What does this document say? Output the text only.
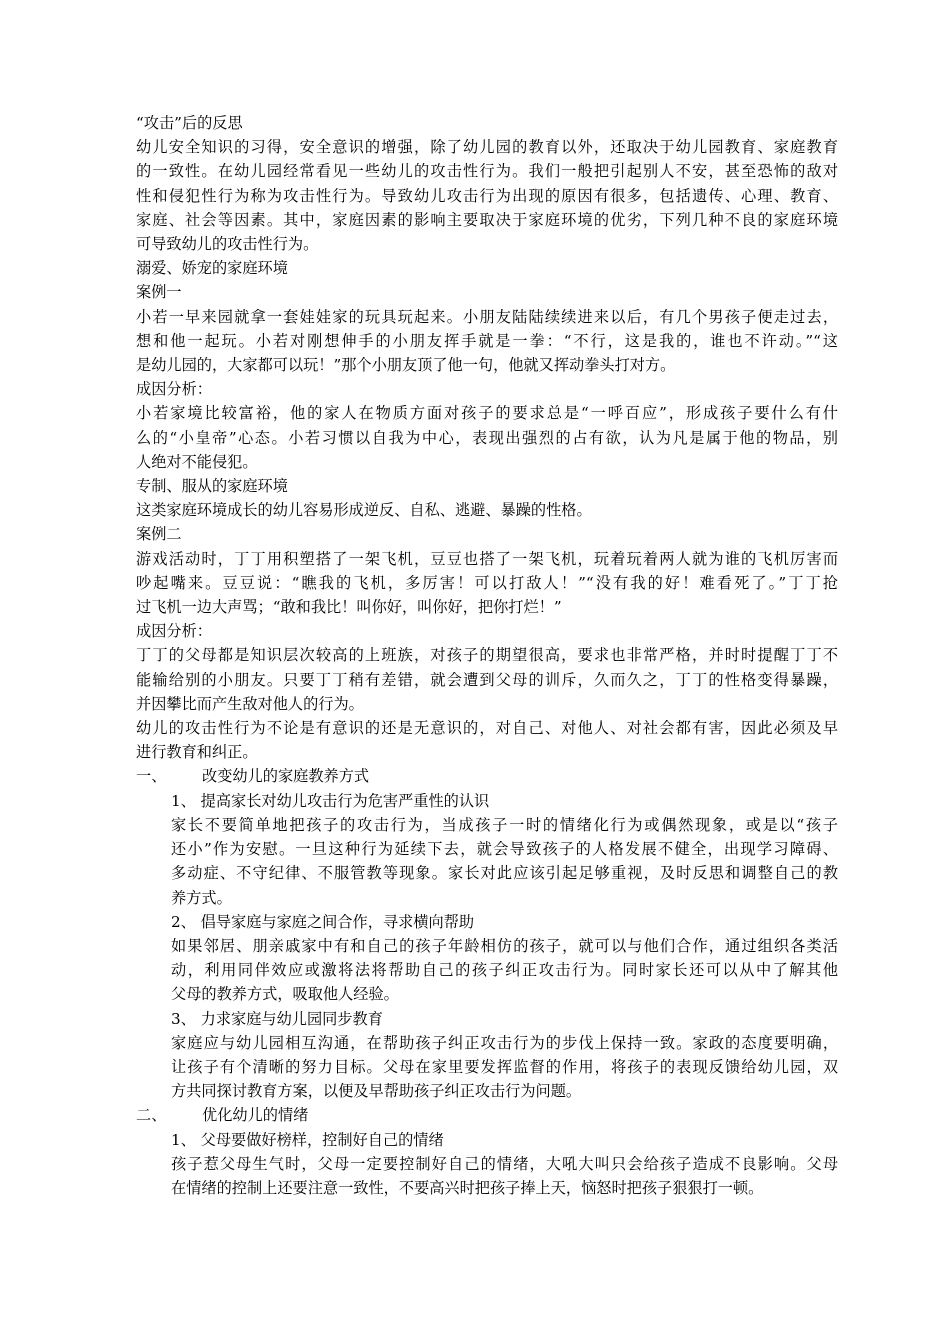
“攻击”后的反思
幼儿安全知识的习得，安全意识的增强，除了幼儿园的教育以外，还取决于幼儿园教育、家庭教育
的一致性。在幼儿园经常看见一些幼儿的攻击性行为。我们一般把引起别人不安，甚至恐怖的敌对
性和侵犯性行为称为攻击性行为。导致幼儿攻击行为出现的原因有很多，包括遗传、心理、教育、
家庭、社会等因素。其中，家庭因素的影响主要取决于家庭环境的优劣，下列几种不良的家庭环境
可导致幼儿的攻击性行为。
溺爱、娇宠的家庭环境
案例一
小若一早来园就拿一套娃娃家的玩具玩起来。小朋友陆陆续续进来以后，有几个男孩子便走过去，
想和他一起玩。小若对刚想伸手的小朋友挥手就是一拳：“不行，这是我的，谁也不许动。”“这
是幼儿园的，大家都可以玩！”那个小朋友顶了他一句，他就又挥动拳头打对方。
成因分析：
小若家境比较富裕，他的家人在物质方面对孩子的要求总是“一呼百应”，形成孩子要什么有什
么的“小皇帝”心态。小若习惯以自我为中心，表现出强烈的占有欲，认为凡是属于他的物品，别
人绝对不能侵犯。
专制、服从的家庭环境
这类家庭环境成长的幼儿容易形成逆反、自私、逃避、暴躁的性格。
案例二
游戏活动时，丁丁用积塑搭了一架飞机，豆豆也搭了一架飞机，玩着玩着两人就为谁的飞机厉害而
吵起嘴来。豆豆说：“瞧我的飞机，多厉害！可以打敌人！”“没有我的好！难看死了。”丁丁抢
过飞机一边大声骂；“敢和我比！叫你好，叫你好，把你打烂！”
成因分析：
丁丁的父母都是知识层次较高的上班族，对孩子的期望很高，要求也非常严格，并时时提醒丁丁不
能输给别的小朋友。只要丁丁稍有差错，就会遭到父母的训斥，久而久之，丁丁的性格变得暴躁，
并因攀比而产生敌对他人的行为。
幼儿的攻击性行为不论是有意识的还是无意识的，对自己、对他人、对社会都有害，因此必须及早
进行教育和纠正。
一、 改变幼儿的家庭教养方式
1、 提高家长对幼儿攻击行为危害严重性的认识
家长不要简单地把孩子的攻击行为，当成孩子一时的情绪化行为或偶然现象，或是以“孩子
还小”作为安慰。一旦这种行为延续下去，就会导致孩子的人格发展不健全，出现学习障碍、
多动症、不守纪律、不服管教等现象。家长对此应该引起足够重视，及时反思和调整自己的教
养方式。
2、 倡导家庭与家庭之间合作，寻求横向帮助
如果邻居、朋亲戚家中有和自己的孩子年龄相仿的孩子，就可以与他们合作，通过组织各类活
动，利用同伴效应或激将法将帮助自己的孩子纠正攻击行为。同时家长还可以从中了解其他
父母的教养方式，吸取他人经验。
3、 力求家庭与幼儿园同步教育
家庭应与幼儿园相互沟通，在帮助孩子纠正攻击行为的步伐上保持一致。家政的态度要明确，
让孩子有个清晰的努力目标。父母在家里要发挥监督的作用，将孩子的表现反馈给幼儿园，双
方共同探讨教育方案，以便及早帮助孩子纠正攻击行为问题。
二、 优化幼儿的情绪
1、 父母要做好榜样，控制好自己的情绪
孩子惹父母生气时，父母一定要控制好自己的情绪，大吼大叫只会给孩子造成不良影响。父母
在情绪的控制上还要注意一致性，不要高兴时把孩子捧上天，恼怒时把孩子狠狠打一顿。
